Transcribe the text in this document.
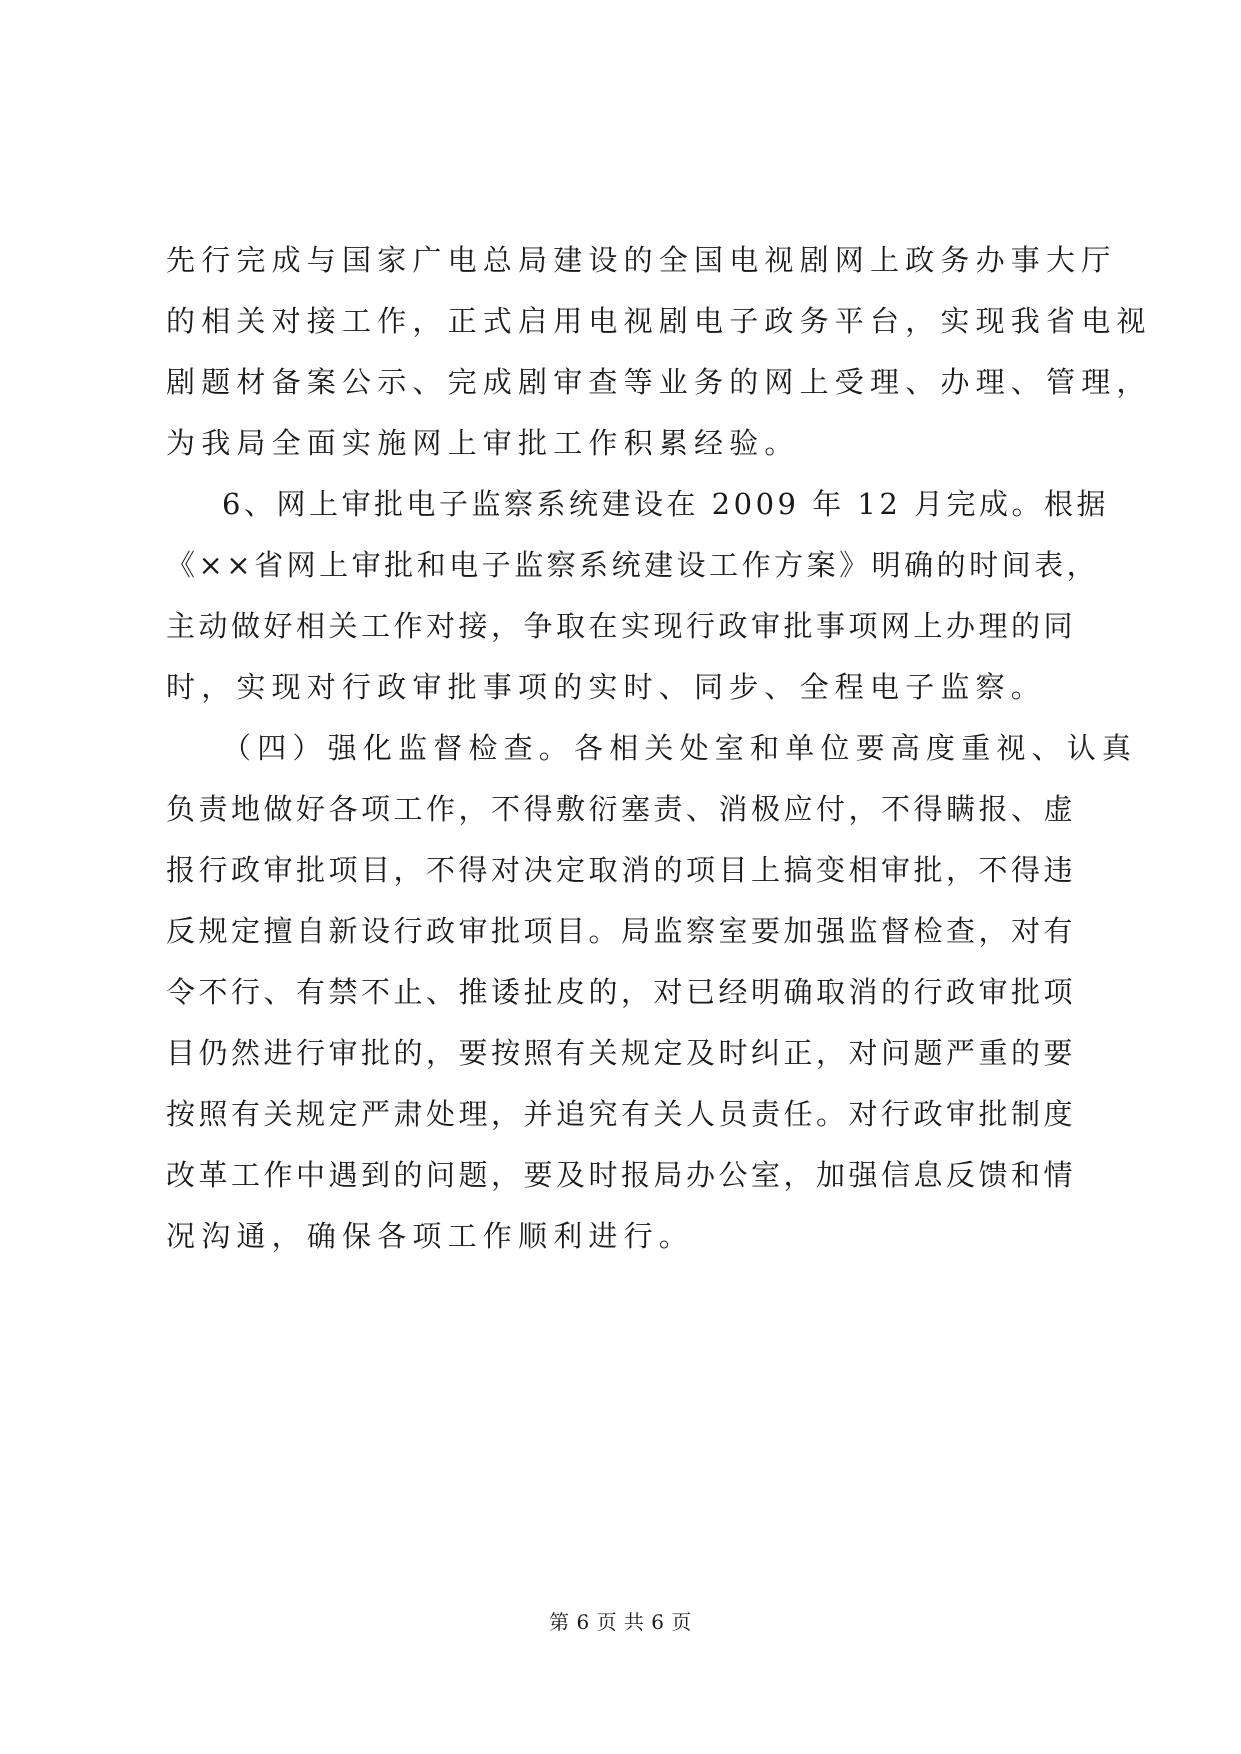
先行完成与国家广电总局建设的全国电视剧网上政务办事大厅
的相关对接工作，正式启用电视剧电子政务平台，实现我省电视
剧题材备案公示、完成剧审查等业务的网上受理、办理、管理，
为我局全面实施网上审批工作积累经验。
6、网上审批电子监察系统建设在 2009 年 12 月完成。根据
《××省网上审批和电子监察系统建设工作方案》明确的时间表，
主动做好相关工作对接，争取在实现行政审批事项网上办理的同
时，实现对行政审批事项的实时、同步、全程电子监察。
（四）强化监督检查。各相关处室和单位要高度重视、认真
负责地做好各项工作，不得敷衍塞责、消极应付，不得瞒报、虚
报行政审批项目，不得对决定取消的项目上搞变相审批，不得违
反规定擅自新设行政审批项目。局监察室要加强监督检查，对有
令不行、有禁不止、推诿扯皮的，对已经明确取消的行政审批项
目仍然进行审批的，要按照有关规定及时纠正，对问题严重的要
按照有关规定严肃处理，并追究有关人员责任。对行政审批制度
改革工作中遇到的问题，要及时报局办公室，加强信息反馈和情
况沟通，确保各项工作顺利进行。
第 6 页 共 6 页
